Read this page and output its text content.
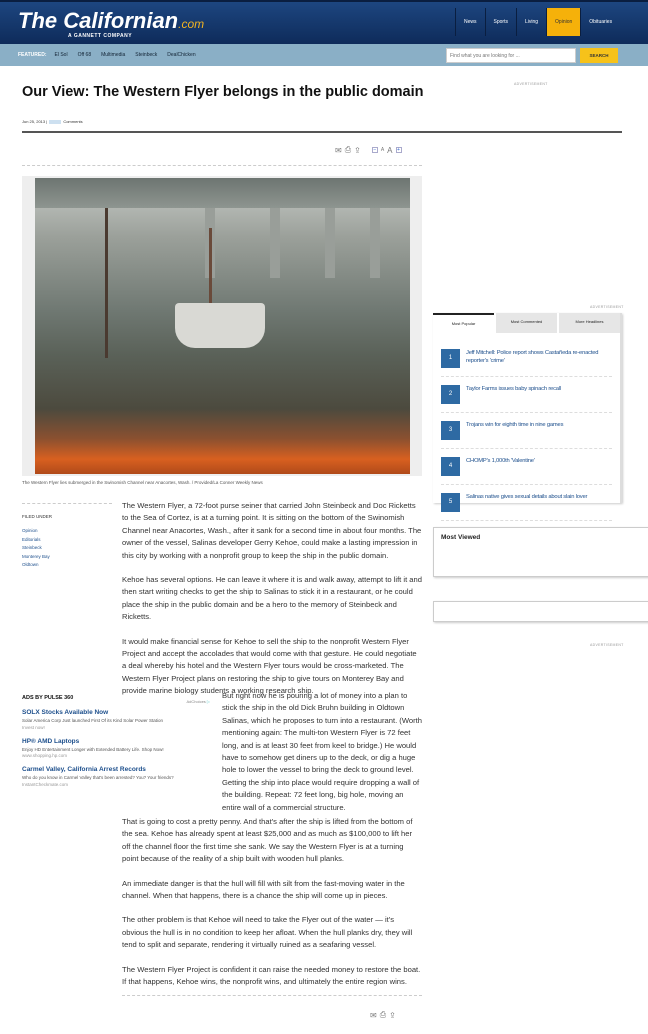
The Californian.com
A GANNETT COMPANY
News	Sports	Living	Opinion	Obituaries
FEATURED: El Sol Off 68 Multimedia Steinbeck DealChicken
Find what you are looking for ...	SEARCH
ADVERTISEMENT
Our View: The Western Flyer belongs in the public domain
Jun 25, 2013 |	Comments
✉ ⎙ ⇪	− A A +
The Western Flyer lies submerged in the Swinomish Channel near Anacortes, Wash. / Provided/La Conner Weekly News
FILED UNDER
Opinion
Editorials
Steinbeck
Monterey Bay
Oldtown

The Western Flyer, a 72-foot purse seiner that carried John Steinbeck and Doc Ricketts to the Sea of Cortez, is at a turning point. It is sitting on the bottom of the Swinomish Channel near Anacortes, Wash., after it sank for a second time in about four months. The owner of the vessel, Salinas developer Gerry Kehoe, could make a lasting impression in this city by working with a nonprofit group to keep the ship in the public domain.

Kehoe has several options. He can leave it where it is and walk away, attempt to lift it and then start writing checks to get the ship to Salinas to stick it in a restaurant, or he could place the ship in the public domain and be a hero to the memory of Steinbeck and Ricketts.

It would make financial sense for Kehoe to sell the ship to the nonprofit Western Flyer Project and accept the accolades that would come with that gesture. He could negotiate a deal whereby his hotel and the Western Flyer tours would be cross-marketed. The Western Flyer Project plans on restoring the ship to give tours on Monterey Bay and provide marine biology students a working research ship.

But right now he is pouring a lot of money into a plan to stick the ship in the old Dick Bruhn building in Oldtown Salinas, which he proposes to turn into a restaurant. (Worth mentioning again: The multi-ton Western Flyer is 72 feet long, and is at least 30 feet from keel to bridge.) He would have to somehow get diners up to the deck, or dig a huge hole to lower the vessel to bring the deck to ground level. Getting the ship into place would require dropping a wall of the building. Repeat: 72 feet long, big hole, moving an entire wall of a commercial structure.

That is going to cost a pretty penny. And that's after the ship is lifted from the bottom of the sea. Kehoe has already spent at least $25,000 and as much as $100,000 to lift her off the channel floor the first time she sank. We say the Western Flyer is at a turning point because of the reality of a ship built with wooden hull planks.

An immediate danger is that the hull will fill with silt from the fast-moving water in the channel. When that happens, there is a chance the ship will come up in pieces.

The other problem is that Kehoe will need to take the Flyer out of the water — it's obvious the hull is in no condition to keep her afloat. When the hull planks dry, they will tend to split and separate, rendering it virtually ruined as a seafaring vessel.

The Western Flyer Project is confident it can raise the needed money to restore the boat. If that happens, Kehoe wins, the nonprofit wins, and ultimately the entire region wins.

ADS BY PULSE 360
AdChoices ▷
SOLX Stocks Available Now
Solar America Corp Just launched First Of its Kind Solar Power Station
Invest now!
HP® AMD Laptops
Enjoy HD Entertainment Longer with Extended Battery Life. Shop Now!
www.shopping.hp.com
Carmel Valley, California Arrest Records
Who do you know in Carmel Valley that's been arrested? You? Your friends?
InstantCheckmate.com
ADVERTISEMENT
Most Popular	Most Commented	More Headlines
1
Jeff Mitchell: Police report shows Castañeda re-enacted reporter's 'crime'
2
Taylor Farms issues baby spinach recall
3
Trojans win for eighth time in nine games
4
CHOMP's 1,000th 'Valentine'
5
Salinas native gives sexual details about slain lover
Most Viewed
ADVERTISEMENT
✉ ⎙ ⇪
